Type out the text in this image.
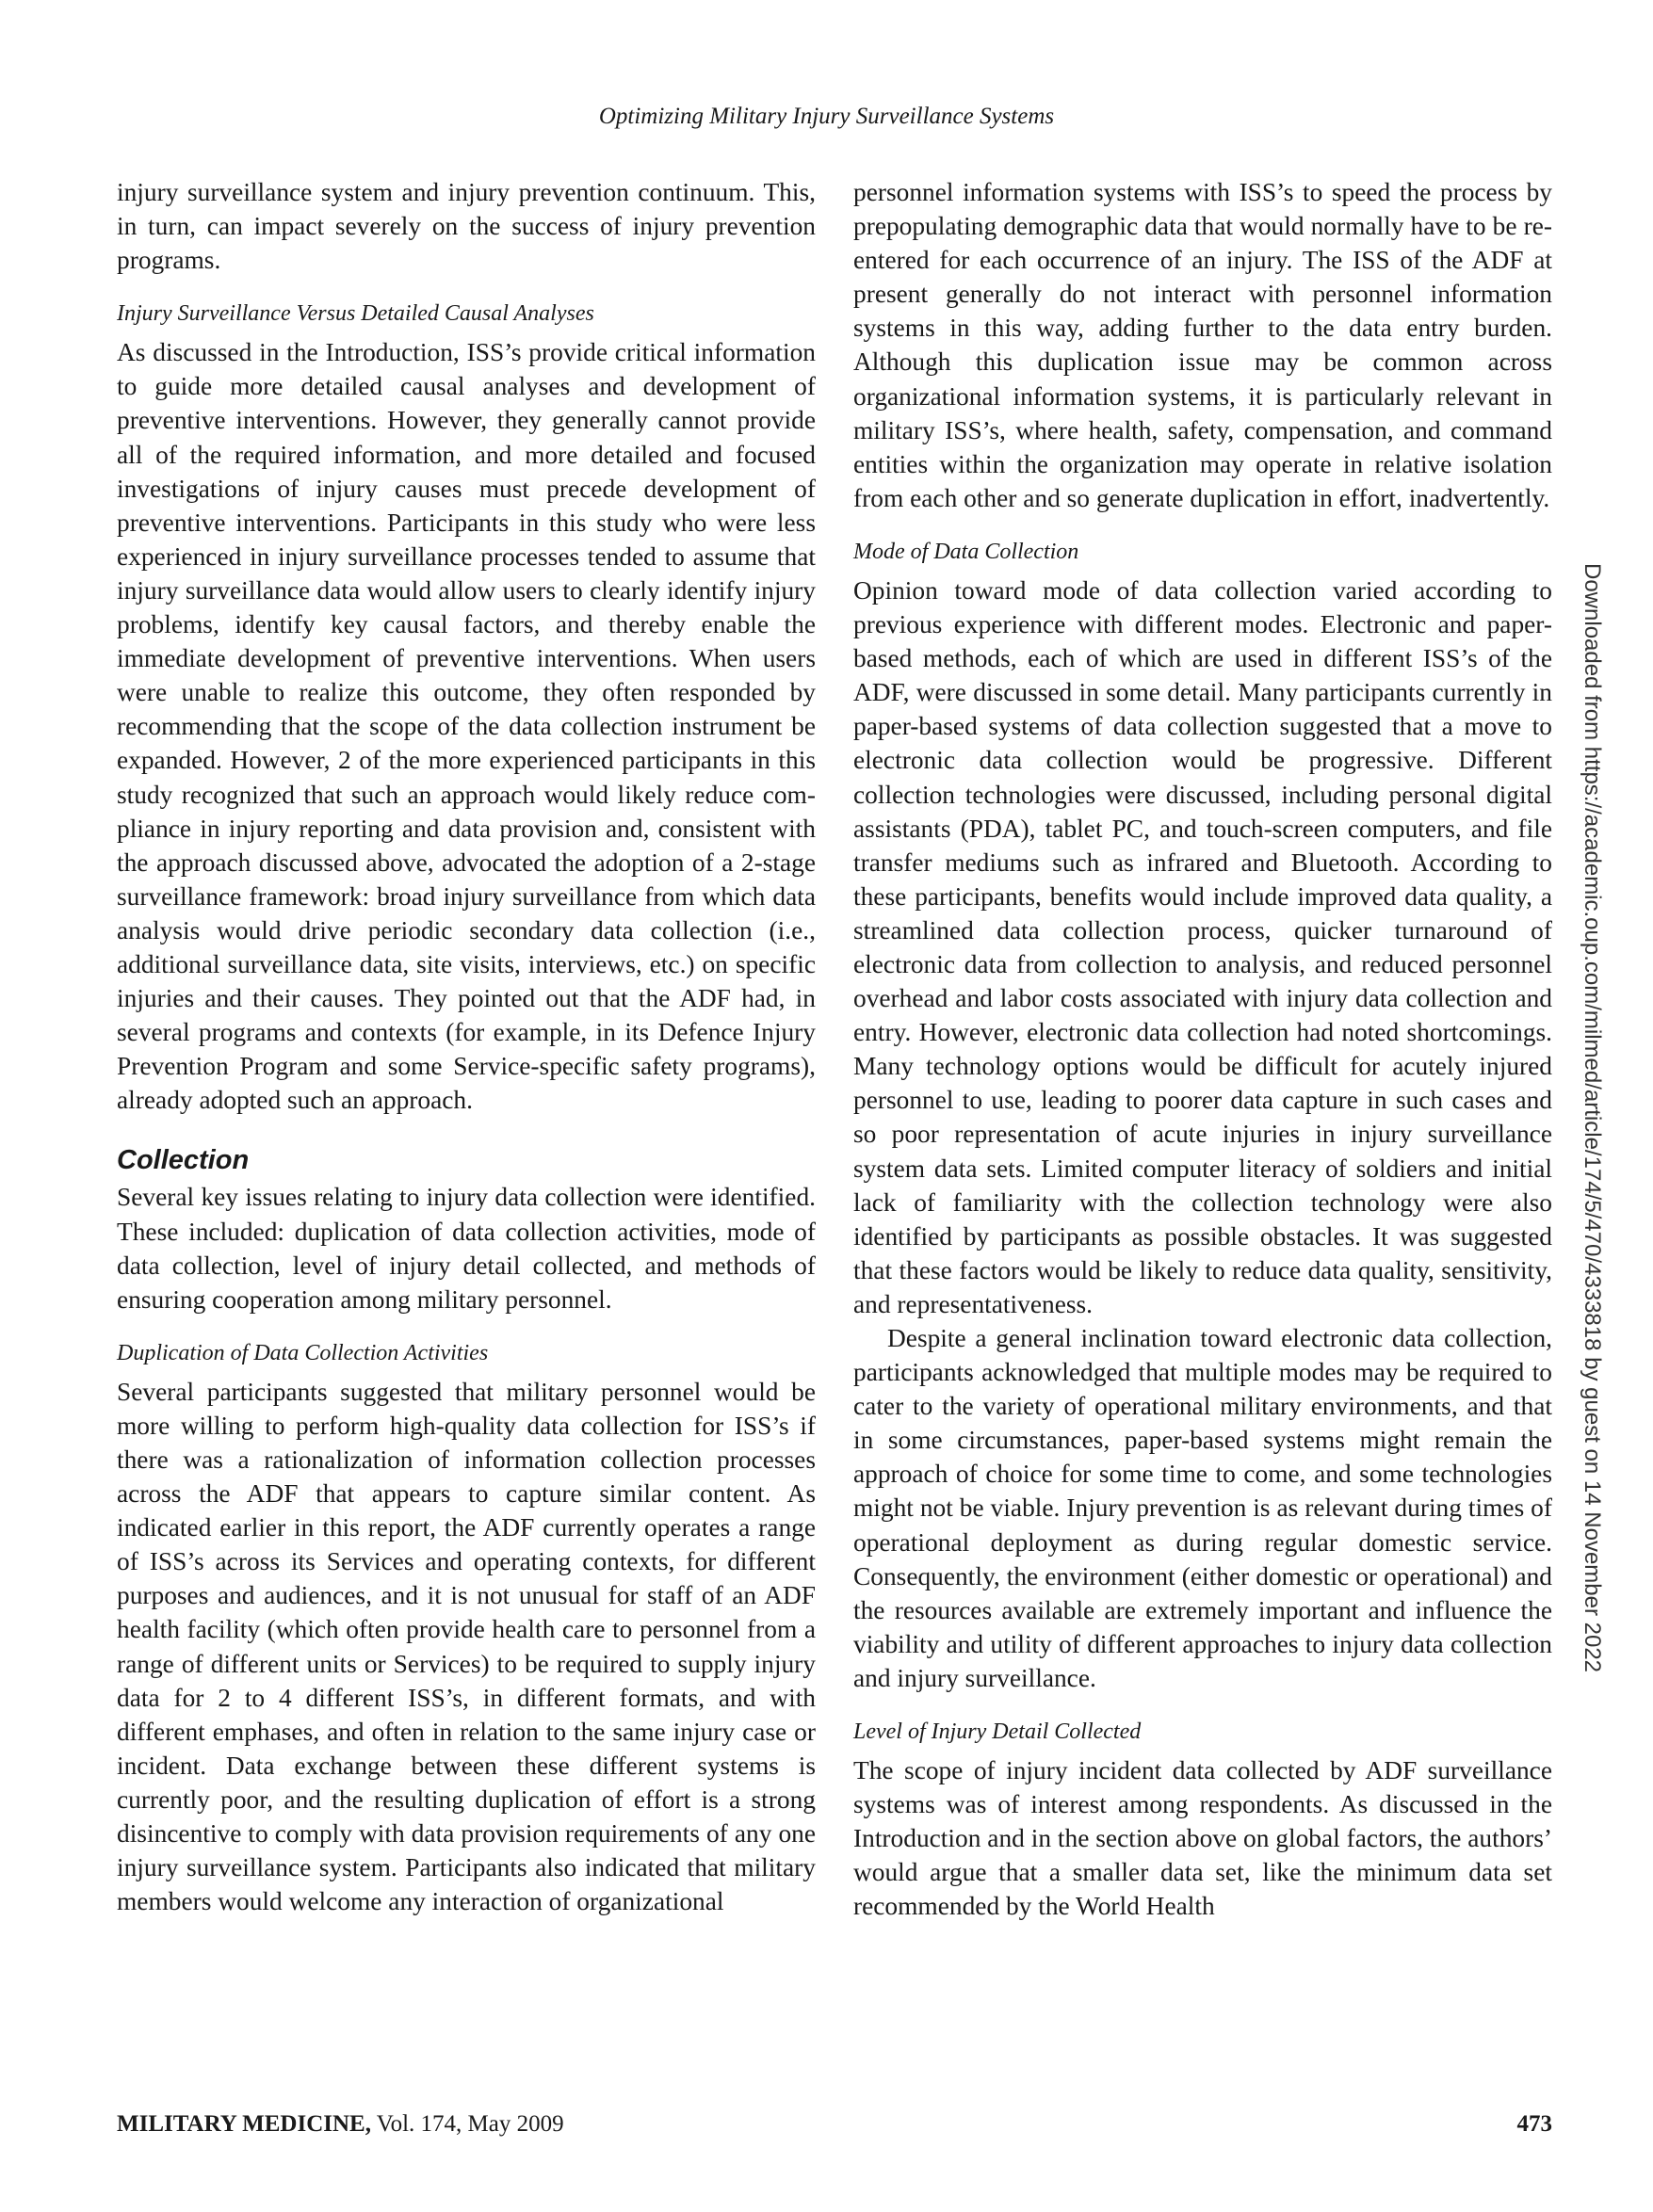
Optimizing Military Injury Surveillance Systems

injury surveillance system and injury prevention continuum. This, in turn, can impact severely on the success of injury prevention programs.

Injury Surveillance Versus Detailed Causal Analyses

As discussed in the Introduction, ISS’s provide critical information to guide more detailed causal analyses and development of preventive interventions. However, they generally cannot provide all of the required information, and more detailed and focused investigations of injury causes must precede development of preventive interventions. Participants in this study who were less experienced in injury surveillance processes tended to assume that injury surveillance data would allow users to clearly identify injury problems, identify key causal factors, and thereby enable the immediate development of preventive interventions. When users were unable to realize this outcome, they often responded by recommending that the scope of the data collection instrument be expanded. However, 2 of the more experienced participants in this study recognized that such an approach would likely reduce compliance in injury reporting and data provision and, consistent with the approach discussed above, advocated the adoption of a 2-stage surveillance framework: broad injury surveillance from which data analysis would drive periodic secondary data collection (i.e., additional surveillance data, site visits, interviews, etc.) on specific injuries and their causes. They pointed out that the ADF had, in several programs and contexts (for example, in its Defence Injury Prevention Program and some Service-specific safety programs), already adopted such an approach.

Collection

Several key issues relating to injury data collection were identified. These included: duplication of data collection activities, mode of data collection, level of injury detail collected, and methods of ensuring cooperation among military personnel.

Duplication of Data Collection Activities

Several participants suggested that military personnel would be more willing to perform high-quality data collection for ISS’s if there was a rationalization of information collection processes across the ADF that appears to capture similar content. As indicated earlier in this report, the ADF currently operates a range of ISS’s across its Services and operating contexts, for different purposes and audiences, and it is not unusual for staff of an ADF health facility (which often provide health care to personnel from a range of different units or Services) to be required to supply injury data for 2 to 4 different ISS’s, in different formats, and with different emphases, and often in relation to the same injury case or incident. Data exchange between these different systems is currently poor, and the resulting duplication of effort is a strong disincentive to comply with data provision requirements of any one injury surveillance system. Participants also indicated that military members would welcome any interaction of organizational

personnel information systems with ISS’s to speed the process by prepopulating demographic data that would normally have to be re-entered for each occurrence of an injury. The ISS of the ADF at present generally do not interact with personnel information systems in this way, adding further to the data entry burden. Although this duplication issue may be common across organizational information systems, it is particularly relevant in military ISS’s, where health, safety, compensation, and command entities within the organization may operate in relative isolation from each other and so generate duplication in effort, inadvertently.

Mode of Data Collection

Opinion toward mode of data collection varied according to previous experience with different modes. Electronic and paper-based methods, each of which are used in different ISS’s of the ADF, were discussed in some detail. Many participants currently in paper-based systems of data collection suggested that a move to electronic data collection would be progressive. Different collection technologies were discussed, including personal digital assistants (PDA), tablet PC, and touch-screen computers, and file transfer mediums such as infrared and Bluetooth. According to these participants, benefits would include improved data quality, a streamlined data collection process, quicker turnaround of electronic data from collection to analysis, and reduced personnel overhead and labor costs associated with injury data collection and entry. However, electronic data collection had noted shortcomings. Many technology options would be difficult for acutely injured personnel to use, leading to poorer data capture in such cases and so poor representation of acute injuries in injury surveillance system data sets. Limited computer literacy of soldiers and initial lack of familiarity with the collection technology were also identified by participants as possible obstacles. It was suggested that these factors would be likely to reduce data quality, sensitivity, and representativeness.

Despite a general inclination toward electronic data collection, participants acknowledged that multiple modes may be required to cater to the variety of operational military environments, and that in some circumstances, paper-based systems might remain the approach of choice for some time to come, and some technologies might not be viable. Injury prevention is as relevant during times of operational deployment as during regular domestic service. Consequently, the environment (either domestic or operational) and the resources available are extremely important and influence the viability and utility of different approaches to injury data collection and injury surveillance.

Level of Injury Detail Collected

The scope of injury incident data collected by ADF surveillance systems was of interest among respondents. As discussed in the Introduction and in the section above on global factors, the authors’ would argue that a smaller data set, like the minimum data set recommended by the World Health

Downloaded from https://academic.oup.com/milmed/article/174/5/470/4333818 by guest on 14 November 2022
MILITARY MEDICINE, Vol. 174, May 2009	473
